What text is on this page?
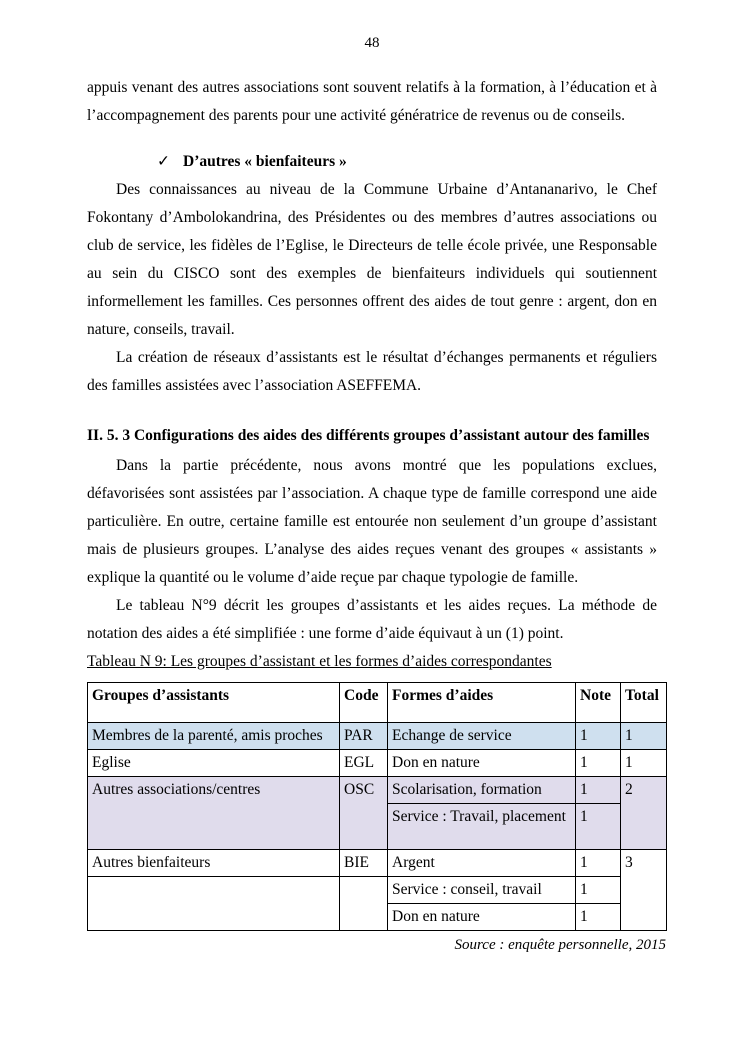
48

appuis venant des autres associations sont souvent relatifs à la formation, à l’éducation et à l’accompagnement des parents pour une activité génératrice de revenus ou de conseils.

✓ D’autres « bienfaiteurs »

Des connaissances au niveau de la Commune Urbaine d’Antananarivo, le Chef Fokontany d’Ambolokandrina, des Présidentes ou des membres d’autres associations ou club de service, les fidèles de l’Eglise, le Directeurs de telle école privée, une Responsable au sein du CISCO sont des exemples de bienfaiteurs individuels qui soutiennent informellement les familles. Ces personnes offrent des aides de tout genre : argent, don en nature, conseils, travail.

La création de réseaux d’assistants est le résultat d’échanges permanents et réguliers des familles assistées avec l’association ASEFFEMA.

II. 5. 3 Configurations des aides des différents groupes d’assistant autour des familles

Dans la partie précédente, nous avons montré que les populations exclues, défavorisées sont assistées par l’association. A chaque type de famille correspond une aide particulière. En outre, certaine famille est entourée non seulement d’un groupe d’assistant mais de plusieurs groupes. L’analyse des aides reçues venant des groupes « assistants » explique la quantité ou le volume d’aide reçue par chaque typologie de famille.

Le tableau N°9 décrit les groupes d’assistants et les aides reçues. La méthode de notation des aides a été simplifiée : une forme d’aide équivaut à un (1) point.

Tableau N 9: Les groupes d’assistant et les formes d’aides correspondantes

Groupes d’assistants	Code	Formes d’aides	Note	Total
Membres de la parenté, amis proches	PAR	Echange de service	1	1
Eglise	EGL	Don en nature	1	1
Autres associations/centres	OSC	Scolarisation, formation	1	2
		Service : Travail, placement	1	
Autres bienfaiteurs	BIE	Argent	1	3
		Service : conseil, travail	1	
		Don en nature	1	

Source : enquête personnelle, 2015
